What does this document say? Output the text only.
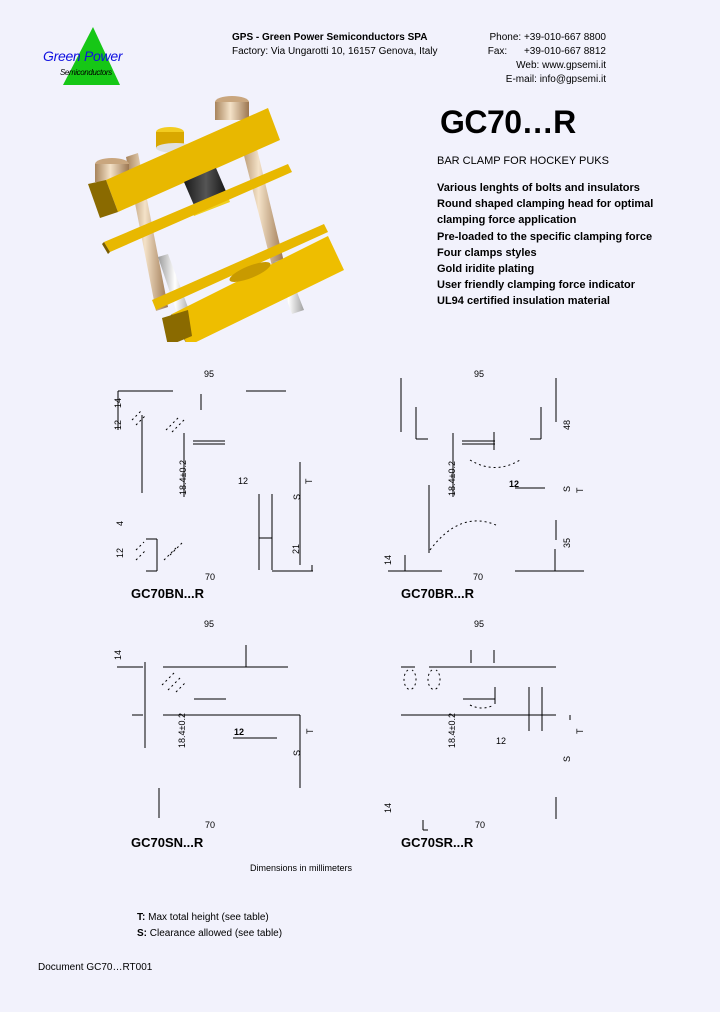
Green Power
Semiconductors
GPS - Green Power Semiconductors SPA
Factory: Via Ungarotti 10, 16157 Genova, Italy
Phone: +39-010-667 8800
Fax: +39-010-667 8812
Web: www.gpsemi.it
E-mail: info@gpsemi.it
GC70…R
BAR CLAMP FOR HOCKEY PUKS
Various lenghts of bolts and insulators
Round shaped clamping head for optimal
clamping force application
Pre-loaded to the specific clamping force
Four clamps styles
Gold iridite plating
User friendly clamping force indicator
UL94 certified insulation material
95
14
12
18.4±0.2	12	T
S
4
12	21
70
GC70BN...R
95
48
18.4±0.2	12	S T
35
14
70
GC70BR...R
95
14
18.4±0.2	12	T
S
70
GC70SN...R
95
18.4±0.2	12
T
S
14
70
GC70SR...R
Dimensions in millimeters
T: Max total height (see table)
S: Clearance allowed (see table)
Document GC70…RT001
